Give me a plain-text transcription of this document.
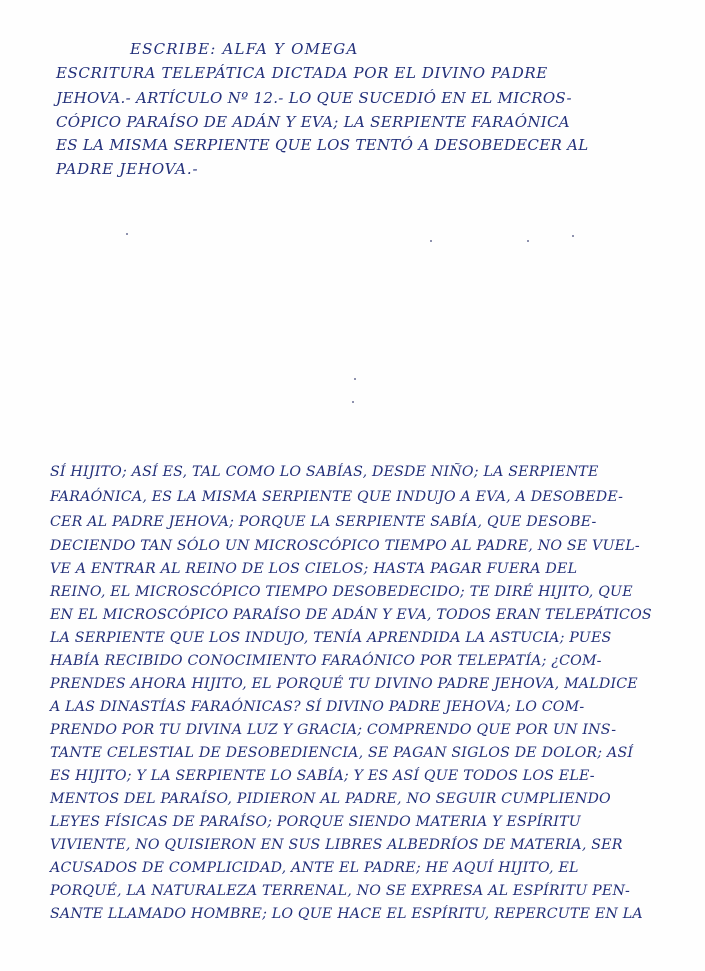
ESCRIBE: ALFA Y OMEGA
ESCRITURA TELEPÁTICA DICTADA POR EL DIVINO PADRE
JEHOVA.- ARTÍCULO Nº 12.- LO QUE SUCEDIÓ EN EL MICROS-
CÓPICO PARAÍSO DE ADÁN Y EVA; LA SERPIENTE FARAÓNICA
ES LA MISMA SERPIENTE QUE LOS TENTÓ A DESOBEDECER AL
PADRE JEHOVA.-
SÍ HIJITO; ASÍ ES, TAL COMO LO SABÍAS, DESDE NIÑO; LA SERPIENTE
FARAÓNICA, ES LA MISMA SERPIENTE QUE INDUJO A EVA, A DESOBEDE-
CER AL PADRE JEHOVA; PORQUE LA SERPIENTE SABÍA, QUE DESOBE-
DECIENDO TAN SÓLO UN MICROSCÓPICO TIEMPO AL PADRE, NO SE VUEL-
VE A ENTRAR AL REINO DE LOS CIELOS; HASTA PAGAR FUERA DEL
REINO, EL MICROSCÓPICO TIEMPO DESOBEDECIDO; TE DIRÉ HIJITO, QUE
EN EL MICROSCÓPICO PARAÍSO DE ADÁN Y EVA, TODOS ERAN TELEPÁTICOS
LA SERPIENTE QUE LOS INDUJO, TENÍA APRENDIDA LA ASTUCIA; PUES
HABÍA RECIBIDO CONOCIMIENTO FARAÓNICO POR TELEPATÍA; ¿COM-
PRENDES AHORA HIJITO, EL PORQUÉ TU DIVINO PADRE JEHOVA, MALDICE
A LAS DINASTÍAS FARAÓNICAS? SÍ DIVINO PADRE JEHOVA; LO COM-
PRENDO POR TU DIVINA LUZ Y GRACIA; COMPRENDO QUE POR UN INS-
TANTE CELESTIAL DE DESOBEDIENCIA, SE PAGAN SIGLOS DE DOLOR; ASÍ
ES HIJITO; Y LA SERPIENTE LO SABÍA; Y ES ASÍ QUE TODOS LOS ELE-
MENTOS DEL PARAÍSO, PIDIERON AL PADRE, NO SEGUIR CUMPLIENDO
LEYES FÍSICAS DE PARAÍSO; PORQUE SIENDO MATERIA Y ESPÍRITU
VIVIENTE, NO QUISIERON EN SUS LIBRES ALBEDRÍOS DE MATERIA, SER
ACUSADOS DE COMPLICIDAD, ANTE EL PADRE; HE AQUÍ HIJITO, EL
PORQUÉ, LA NATURALEZA TERRENAL, NO SE EXPRESA AL ESPÍRITU PEN-
SANTE LLAMADO HOMBRE; LO QUE HACE EL ESPÍRITU, REPERCUTE EN LA
